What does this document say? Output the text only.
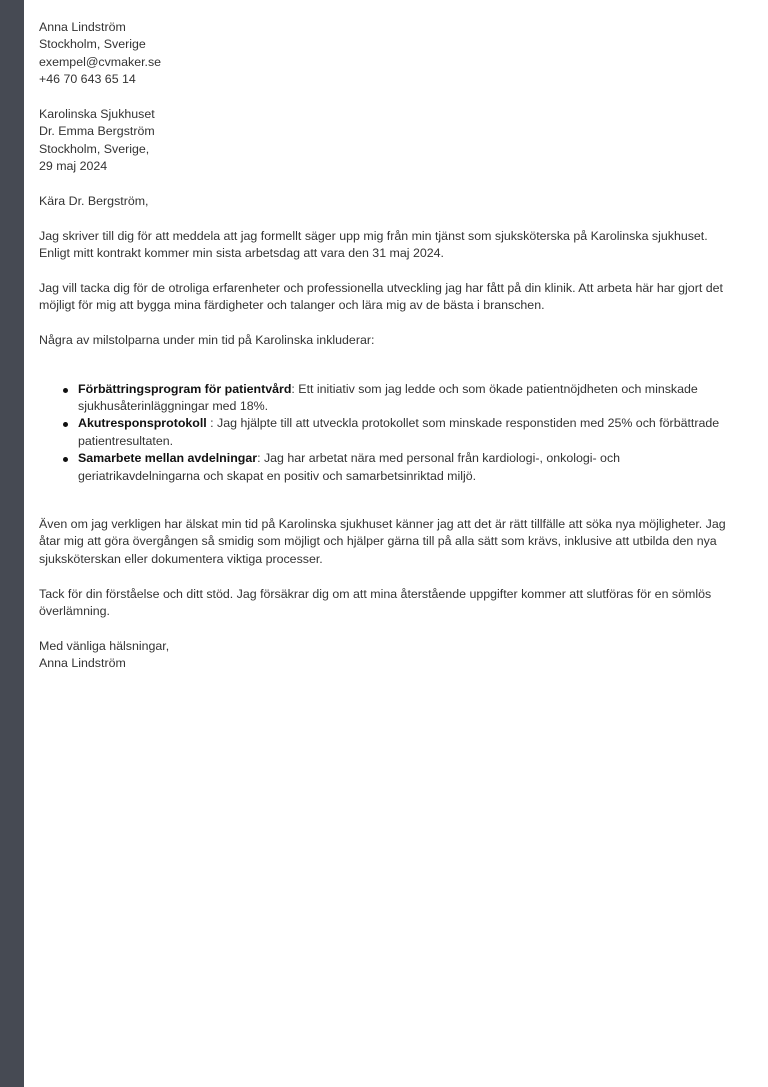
Anna Lindström
Stockholm, Sverige
exempel@cvmaker.se
+46 70 643 65 14
Karolinska Sjukhuset
Dr. Emma Bergström
Stockholm, Sverige,
29 maj 2024

Kära Dr. Bergström,

Jag skriver till dig för att meddela att jag formellt säger upp mig från min tjänst som sjuksköterska på Karolinska sjukhuset. Enligt mitt kontrakt kommer min sista arbetsdag att vara den 31 maj 2024.

Jag vill tacka dig för de otroliga erfarenheter och professionella utveckling jag har fått på din klinik. Att arbeta här har gjort det möjligt för mig att bygga mina färdigheter och talanger och lära mig av de bästa i branschen.

Några av milstolparna under min tid på Karolinska inkluderar:

Förbättringsprogram för patientvård: Ett initiativ som jag ledde och som ökade patientnöjdheten och minskade sjukhusåterinläggningar med 18%.
Akutresponsprotokoll : Jag hjälpte till att utveckla protokollet som minskade responstiden med 25% och förbättrade patientresultaten.
Samarbete mellan avdelningar: Jag har arbetat nära med personal från kardiologi-, onkologi- och geriatrikavdelningarna och skapat en positiv och samarbetsinriktad miljö.

Även om jag verkligen har älskat min tid på Karolinska sjukhuset känner jag att det är rätt tillfälle att söka nya möjligheter. Jag åtar mig att göra övergången så smidig som möjligt och hjälper gärna till på alla sätt som krävs, inklusive att utbilda den nya sjuksköterskan eller dokumentera viktiga processer.

Tack för din förståelse och ditt stöd. Jag försäkrar dig om att mina återstående uppgifter kommer att slutföras för en sömlös överlämning.

Med vänliga hälsningar,
Anna Lindström
